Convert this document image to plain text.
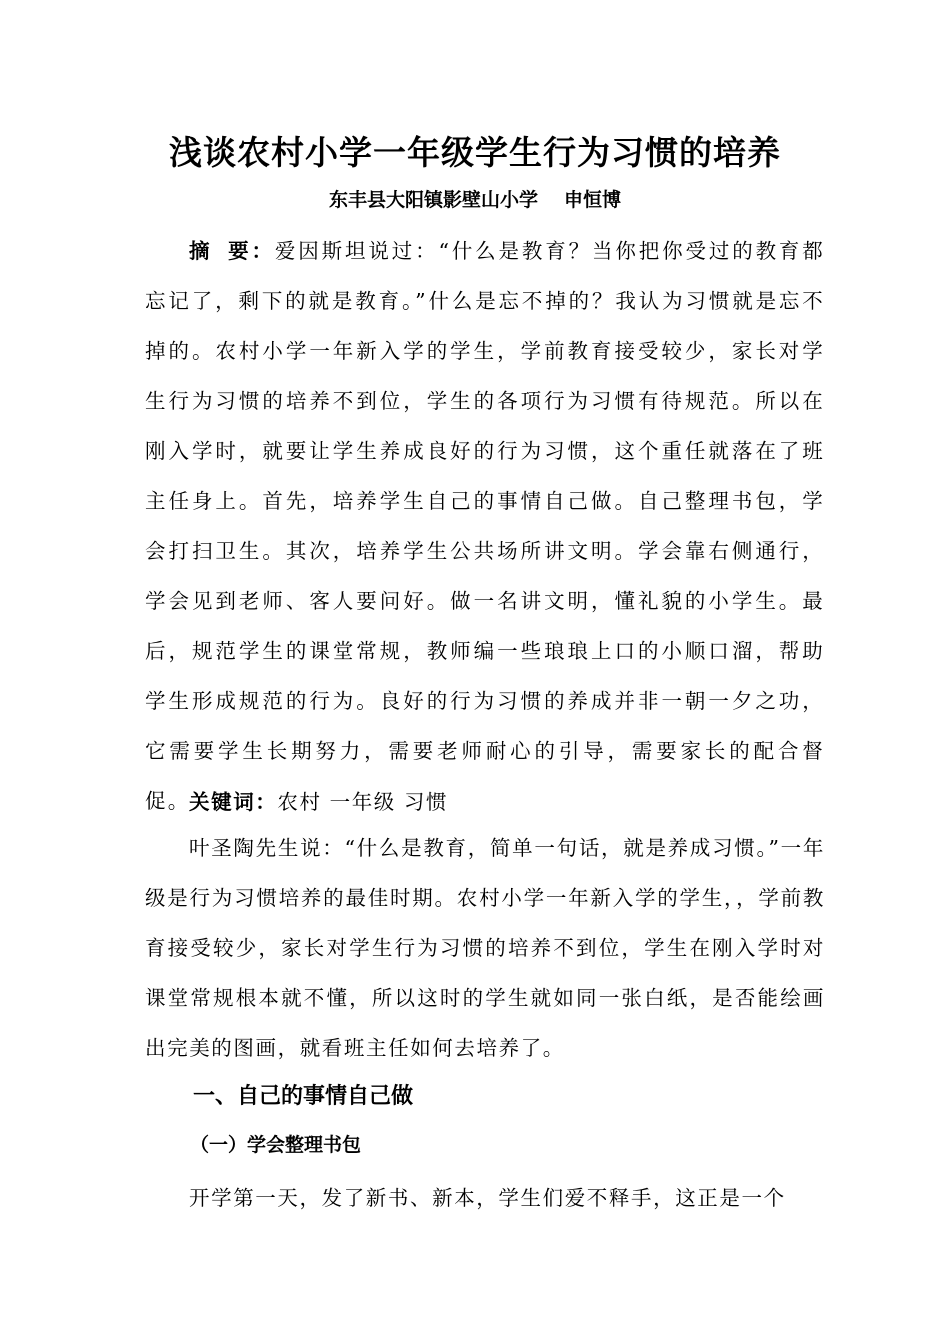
浅谈农村小学一年级学生行为习惯的培养
东丰县大阳镇影壁山小学 申恒博
摘要：爱因斯坦说过：“什么是教育？当你把你受过的教育都忘记了，剩下的就是教育。”什么是忘不掉的？我认为习惯就是忘不掉的。农村小学一年新入学的学生，学前教育接受较少，家长对学生行为习惯的培养不到位，学生的各项行为习惯有待规范。所以在刚入学时，就要让学生养成良好的行为习惯，这个重任就落在了班主任身上。首先，培养学生自己的事情自己做。自己整理书包，学会打扫卫生。其次，培养学生公共场所讲文明。学会靠右侧通行，学会见到老师、客人要问好。做一名讲文明，懂礼貌的小学生。最后，规范学生的课堂常规，教师编一些琅琅上口的小顺口溜，帮助学生形成规范的行为。良好的行为习惯的养成并非一朝一夕之功，它需要学生长期努力，需要老师耐心的引导，需要家长的配合督促。
关键词：农村 一年级 习惯
叶圣陶先生说：“什么是教育，简单一句话，就是养成习惯。”一年级是行为习惯培养的最佳时期。农村小学一年新入学的学生，，学前教育接受较少，家长对学生行为习惯的培养不到位，学生在刚入学时对课堂常规根本就不懂，所以这时的学生就如同一张白纸，是否能绘画出完美的图画，就看班主任如何去培养了。
一、自己的事情自己做
（一）学会整理书包
开学第一天，发了新书、新本，学生们爱不释手，这正是一个
